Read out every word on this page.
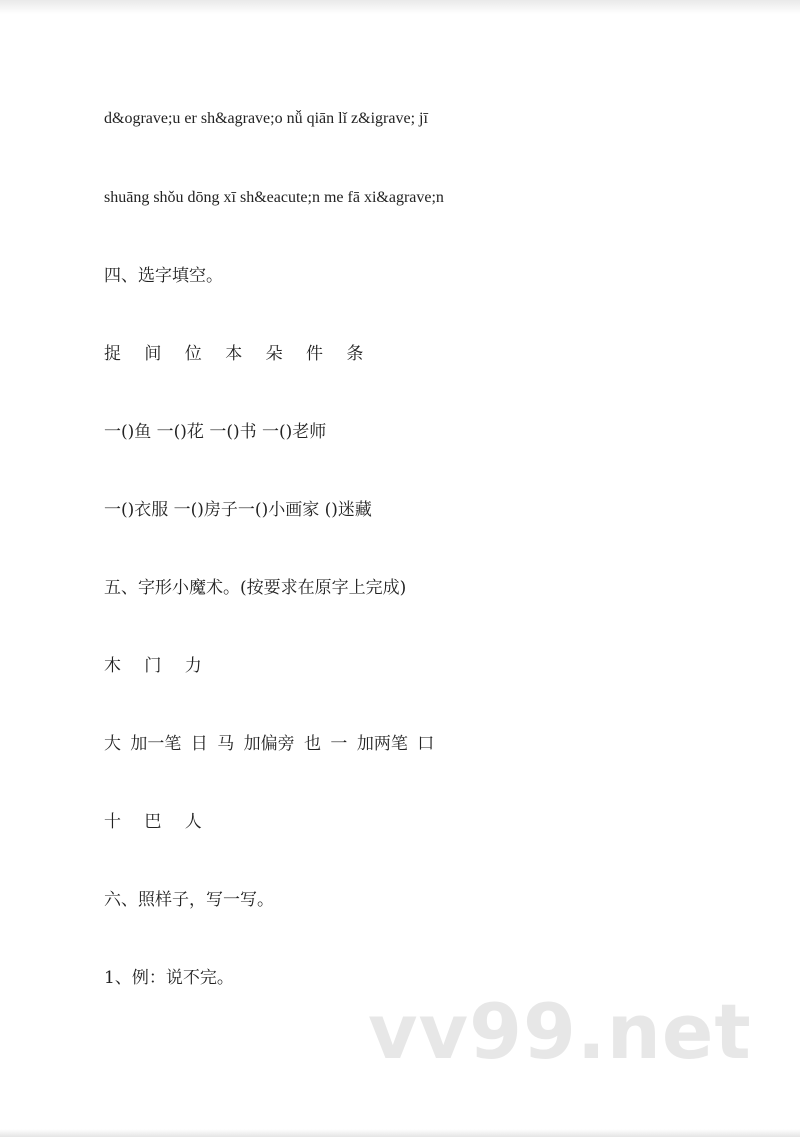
d&ograve;u er sh&agrave;o nǚ qiān lǐ z&igrave; jī
shuāng shǒu dōng xī sh&eacute;n me fā xi&agrave;n
四、选字填空。
捉 间 位 本 朵 件 条
一()鱼 一()花 一()书 一()老师
一()衣服 一()房子一()小画家 ()迷藏
五、字形小魔术。(按要求在原字上完成)
木 门 力
大 加一笔 日 马 加偏旁 也 一 加两笔 口
十 巴 人
六、照样子，写一写。
1、例：说不完。
vv99.net
